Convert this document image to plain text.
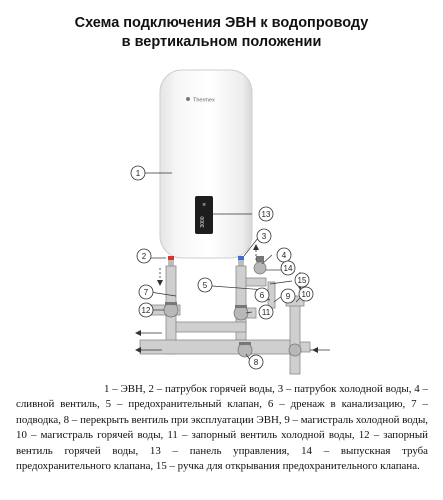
Схема подключения ЭВН к водопроводу
в вертикальном положении
Thermex
≋
3000
1
2
3
4
5
6
7
8
9 10
11
12
13
14
15
1 – ЭВН, 2 – патрубок горячей воды, 3 – патрубок холодной воды, 4 – сливной вентиль, 5 – предохранительный клапан, 6 – дренаж в канализацию, 7 – подводка, 8 – перекрыть вентиль при эксплуатации ЭВН, 9 – магистраль холодной воды, 10 – магистраль горячей воды, 11 – запорный вентиль холодной воды, 12 – запорный вентиль горячей воды, 13 – панель управления, 14 – выпускная труба предохранительного клапана, 15 – ручка для открывания предохранительного клапана.
